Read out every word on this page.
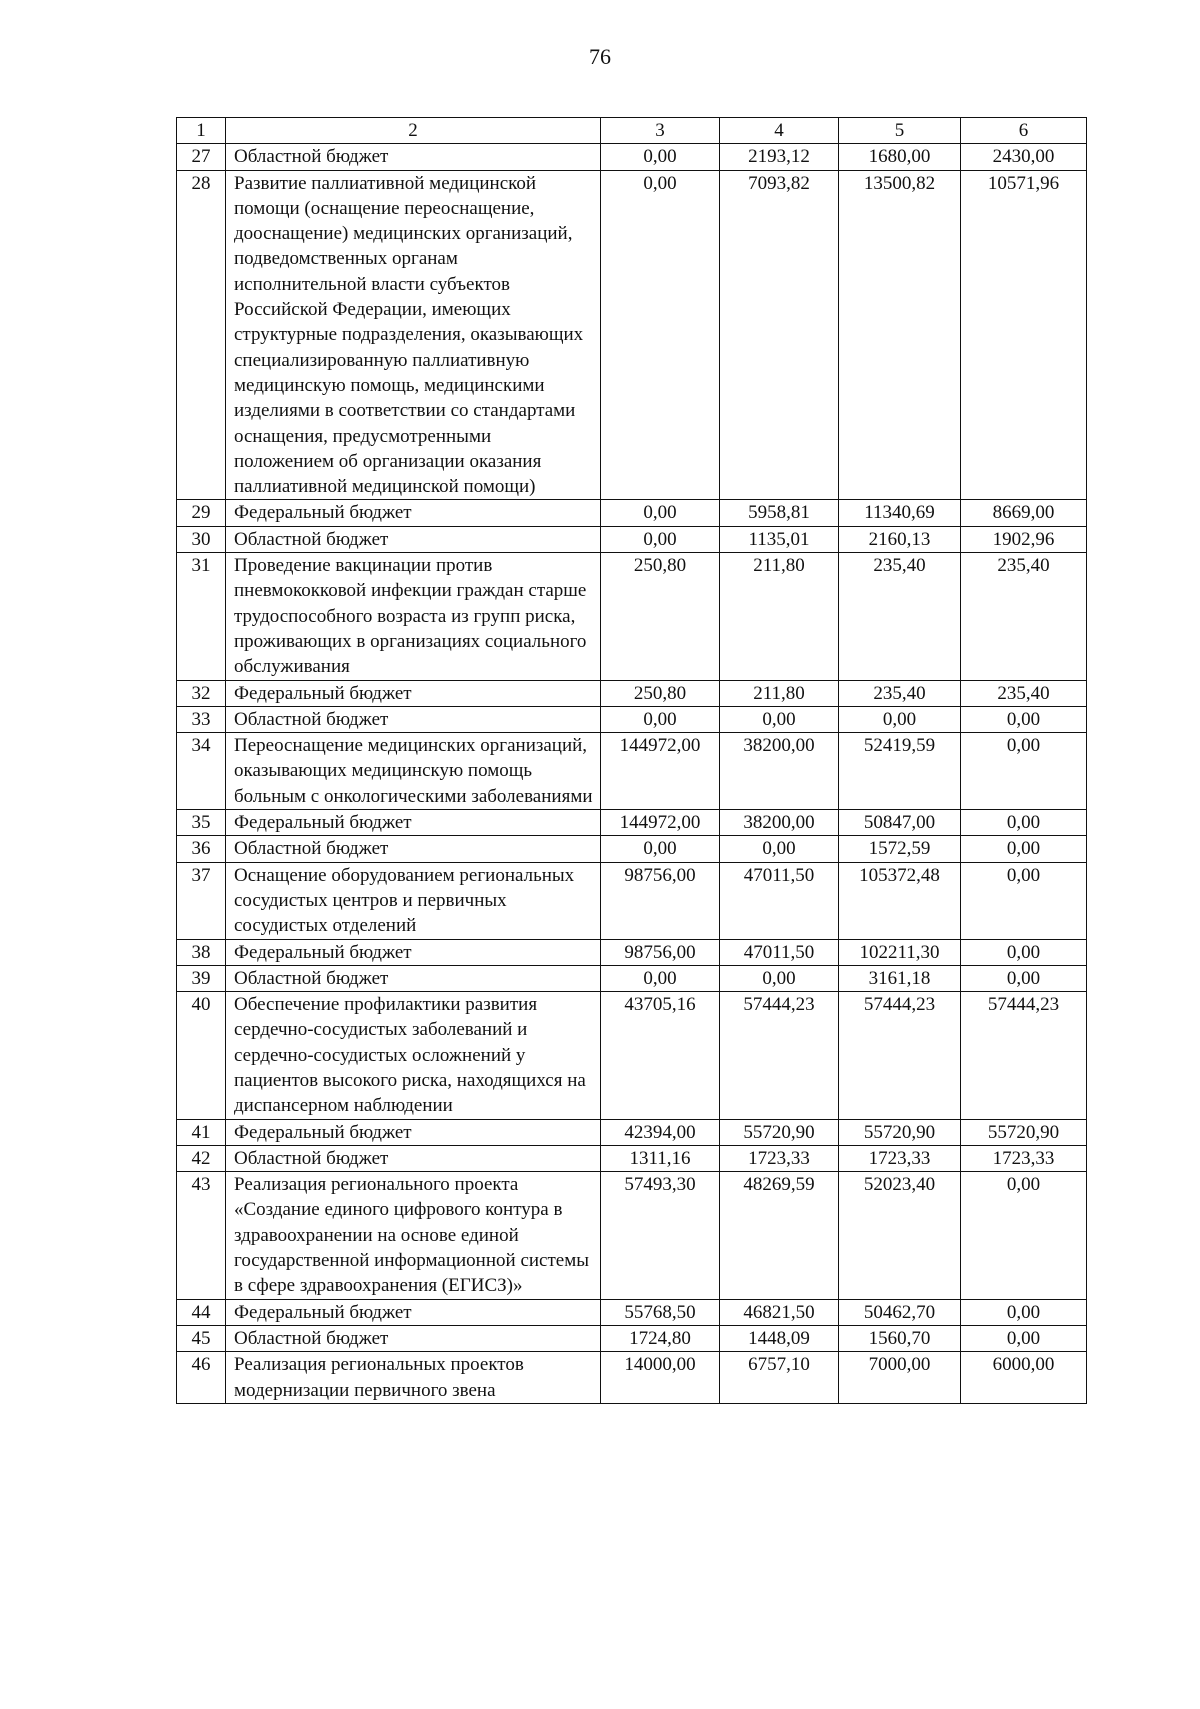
76
1	2	3	4	5	6
27	Областной бюджет	0,00	2193,12	1680,00	2430,00
28	Развитие паллиативной медицинской помощи (оснащение переоснащение, дооснащение) медицинских организаций, подведомственных органам исполнительной власти субъектов Российской Федерации, имеющих структурные подразделения, оказывающих специализированную паллиативную медицинскую помощь, медицинскими изделиями в соответствии со стандартами оснащения, предусмотренными положением об организации оказания паллиативной медицинской помощи)	0,00	7093,82	13500,82	10571,96
29	Федеральный бюджет	0,00	5958,81	11340,69	8669,00
30	Областной бюджет	0,00	1135,01	2160,13	1902,96
31	Проведение вакцинации против пневмококковой инфекции граждан старше трудоспособного возраста из групп риска, проживающих в организациях социального обслуживания	250,80	211,80	235,40	235,40
32	Федеральный бюджет	250,80	211,80	235,40	235,40
33	Областной бюджет	0,00	0,00	0,00	0,00
34	Переоснащение медицинских организаций, оказывающих медицинскую помощь больным с онкологическими заболеваниями	144972,00	38200,00	52419,59	0,00
35	Федеральный бюджет	144972,00	38200,00	50847,00	0,00
36	Областной бюджет	0,00	0,00	1572,59	0,00
37	Оснащение оборудованием региональных сосудистых центров и первичных сосудистых отделений	98756,00	47011,50	105372,48	0,00
38	Федеральный бюджет	98756,00	47011,50	102211,30	0,00
39	Областной бюджет	0,00	0,00	3161,18	0,00
40	Обеспечение профилактики развития сердечно-сосудистых заболеваний и сердечно-сосудистых осложнений у пациентов высокого риска, находящихся на диспансерном наблюдении	43705,16	57444,23	57444,23	57444,23
41	Федеральный бюджет	42394,00	55720,90	55720,90	55720,90
42	Областной бюджет	1311,16	1723,33	1723,33	1723,33
43	Реализация регионального проекта «Создание единого цифрового контура в здравоохранении на основе единой государственной информационной системы в сфере здравоохранения (ЕГИСЗ)»	57493,30	48269,59	52023,40	0,00
44	Федеральный бюджет	55768,50	46821,50	50462,70	0,00
45	Областной бюджет	1724,80	1448,09	1560,70	0,00
46	Реализация региональных проектов модернизации первичного звена	14000,00	6757,10	7000,00	6000,00
